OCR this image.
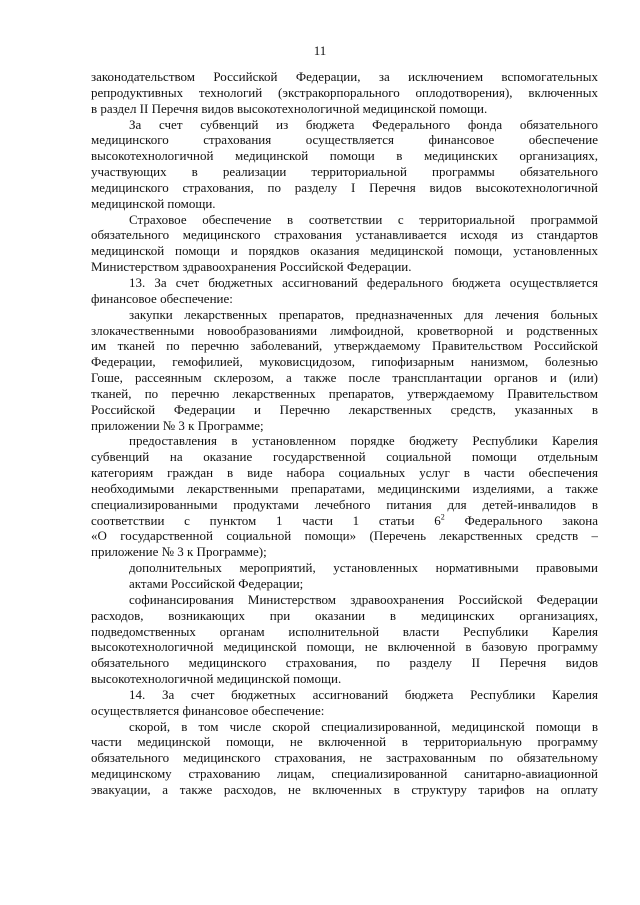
11
законодательством Российской Федерации, за исключением вспомогательных
репродуктивных технологий (экстракорпорального оплодотворения), включенных
в раздел II Перечня видов высокотехнологичной медицинской помощи.
За счет субвенций из бюджета Федерального фонда обязательного
медицинского страхования осуществляется финансовое обеспечение
высокотехнологичной медицинской помощи в медицинских организациях,
участвующих в реализации территориальной программы обязательного
медицинского страхования, по разделу I Перечня видов высокотехнологичной
медицинской помощи.
Страховое обеспечение в соответствии с территориальной программой
обязательного медицинского страхования устанавливается исходя из стандартов
медицинской помощи и порядков оказания медицинской помощи, установленных
Министерством здравоохранения Российской Федерации.
13. За счет бюджетных ассигнований федерального бюджета осуществляется
финансовое обеспечение:
закупки лекарственных препаратов, предназначенных для лечения больных
злокачественными новообразованиями лимфоидной, кроветворной и родственных
им тканей по перечню заболеваний, утверждаемому Правительством Российской
Федерации, гемофилией, муковисцидозом, гипофизарным нанизмом, болезнью
Гоше, рассеянным склерозом, а также после трансплантации органов и (или)
тканей, по перечню лекарственных препаратов, утверждаемому Правительством
Российской Федерации и Перечню лекарственных средств, указанных в
приложении № 3 к Программе;
предоставления в установленном порядке бюджету Республики Карелия
субвенций на оказание государственной социальной помощи отдельным
категориям граждан в виде набора социальных услуг в части обеспечения
необходимыми лекарственными препаратами, медицинскими изделиями, а также
специализированными продуктами лечебного питания для детей-инвалидов в
соответствии с пунктом 1 части 1 статьи $6^2$ Федерального закона
«О государственной социальной помощи» (Перечень лекарственных средств –
приложение № 3 к Программе);
дополнительных мероприятий, установленных нормативными правовыми
актами Российской Федерации;
софинансирования Министерством здравоохранения Российской Федерации
расходов, возникающих при оказании в медицинских организациях,
подведомственных органам исполнительной власти Республики Карелия
высокотехнологичной медицинской помощи, не включенной в базовую программу
обязательного медицинского страхования, по разделу II Перечня видов
высокотехнологичной медицинской помощи.
14. За счет бюджетных ассигнований бюджета Республики Карелия
осуществляется финансовое обеспечение:
скорой, в том числе скорой специализированной, медицинской помощи в
части медицинской помощи, не включенной в территориальную программу
обязательного медицинского страхования, не застрахованным по обязательному
медицинскому страхованию лицам, специализированной санитарно-авиационной
эвакуации, а также расходов, не включенных в структуру тарифов на оплату
